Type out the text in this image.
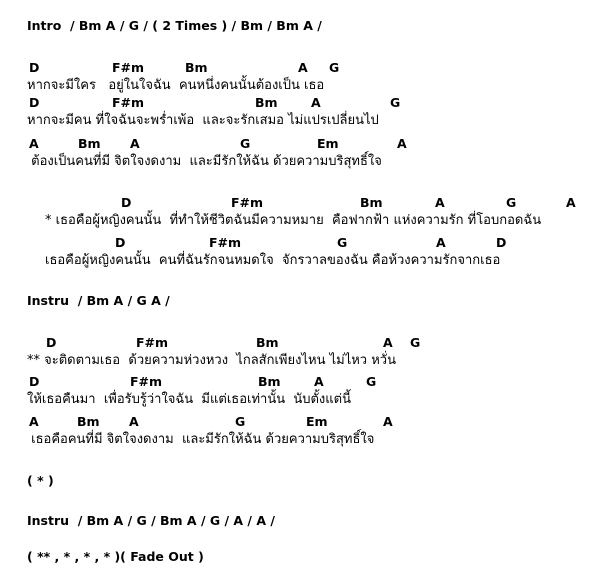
Intro  / Bm A / G / ( 2 Times ) / Bm / Bm A /
D	F#m	Bm	A G
หากจะมีใคร   อยู่ในใจฉัน  คนหนึ่งคนนั้นต้องเป็น เธอ
D	F#m	Bm	A	G
หากจะมีคน ที่ใจฉันจะพร่ำเพ้อ  และจะรักเสมอ ไม่แปรเปลี่ยนไป
A	Bm A	G	Em	A
ต้องเป็นคนที่มี จิตใจงดงาม  และมีรักให้ฉัน ด้วยความบริสุทธิ์ใจ
D	F#m	Bm	A	G	A
* เธอคือผู้หญิงคนนั้น  ที่ทำให้ชีวิตฉันมีความหมาย  คือฟากฟ้า แห่งความรัก ที่โอบกอดฉัน
D	F#m	G	A	D
เธอคือผู้หญิงคนนั้น  คนที่ฉันรักจนหมดใจ  จักรวาลของฉัน คือห้วงความรักจากเธอ
Instru  / Bm A / G A /
D	F#m	Bm	A G
** จะติดตามเธอ  ด้วยความห่วงหวง  ไกลสักเพียงไหน ไม่ไหว หวั่น
D	F#m	Bm	A	G
ให้เธอคืนมา  เพื่อรับรู้ว่าใจฉัน  มีแต่เธอเท่านั้น  นับตั้งแต่นี้
A	Bm A	G	Em	A
เธอคือคนที่มี จิตใจงดงาม  และมีรักให้ฉัน ด้วยความบริสุทธิ์ใจ
( * )
Instru  / Bm A / G / Bm A / G / A / A /
( ** , * , * , * )( Fade Out )
